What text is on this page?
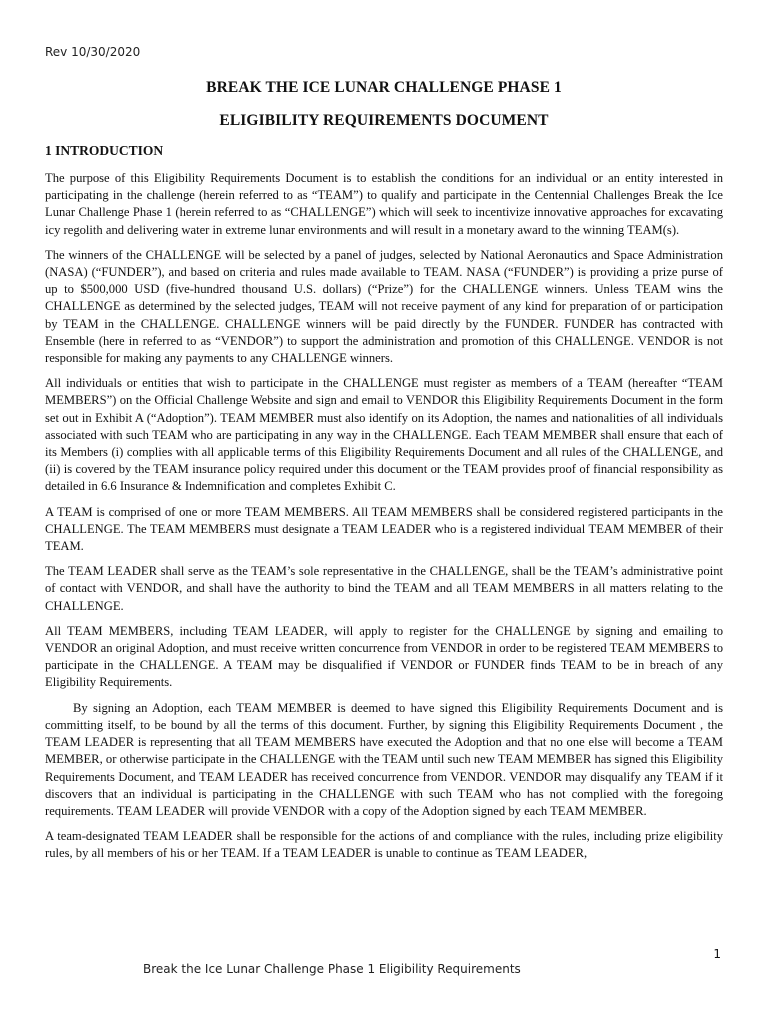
Rev 10/30/2020
BREAK THE ICE LUNAR CHALLENGE PHASE 1
ELIGIBILITY REQUIREMENTS DOCUMENT
1 INTRODUCTION

The purpose of this Eligibility Requirements Document is to establish the conditions for an individual or an entity interested in participating in the challenge (herein referred to as “TEAM”) to qualify and participate in the Centennial Challenges Break the Ice Lunar Challenge Phase 1 (herein referred to as “CHALLENGE”) which will seek to incentivize innovative approaches for excavating icy regolith and delivering water in extreme lunar environments and will result in a monetary award to the winning TEAM(s).

The winners of the CHALLENGE will be selected by a panel of judges, selected by National Aeronautics and Space Administration (NASA) (“FUNDER”), and based on criteria and rules made available to TEAM. NASA (“FUNDER”) is providing a prize purse of up to $500,000 USD (five-hundred thousand U.S. dollars) (“Prize”) for the CHALLENGE winners. Unless TEAM wins the CHALLENGE as determined by the selected judges, TEAM will not receive payment of any kind for preparation of or participation by TEAM in the CHALLENGE. CHALLENGE winners will be paid directly by the FUNDER. FUNDER has contracted with Ensemble (here in referred to as “VENDOR”) to support the administration and promotion of this CHALLENGE. VENDOR is not responsible for making any payments to any CHALLENGE winners.

All individuals or entities that wish to participate in the CHALLENGE must register as members of a TEAM (hereafter “TEAM MEMBERS”) on the Official Challenge Website and sign and email to VENDOR this Eligibility Requirements Document in the form set out in Exhibit A (“Adoption”). TEAM MEMBER must also identify on its Adoption, the names and nationalities of all individuals associated with such TEAM who are participating in any way in the CHALLENGE. Each TEAM MEMBER shall ensure that each of its Members (i) complies with all applicable terms of this Eligibility Requirements Document and all rules of the CHALLENGE, and (ii) is covered by the TEAM insurance policy required under this document or the TEAM provides proof of financial responsibility as detailed in 6.6 Insurance & Indemnification and completes Exhibit C.

A TEAM is comprised of one or more TEAM MEMBERS. All TEAM MEMBERS shall be considered registered participants in the CHALLENGE. The TEAM MEMBERS must designate a TEAM LEADER who is a registered individual TEAM MEMBER of their TEAM.

The TEAM LEADER shall serve as the TEAM’s sole representative in the CHALLENGE, shall be the TEAM’s administrative point of contact with VENDOR, and shall have the authority to bind the TEAM and all TEAM MEMBERS in all matters relating to the CHALLENGE.

All TEAM MEMBERS, including TEAM LEADER, will apply to register for the CHALLENGE by signing and emailing to VENDOR an original Adoption, and must receive written concurrence from VENDOR in order to be registered TEAM MEMBERS to participate in the CHALLENGE. A TEAM may be disqualified if VENDOR or FUNDER finds TEAM to be in breach of any Eligibility Requirements.

By signing an Adoption, each TEAM MEMBER is deemed to have signed this Eligibility Requirements Document and is committing itself, to be bound by all the terms of this document. Further, by signing this Eligibility Requirements Document , the TEAM LEADER is representing that all TEAM MEMBERS have executed the Adoption and that no one else will become a TEAM MEMBER, or otherwise participate in the CHALLENGE with the TEAM until such new TEAM MEMBER has signed this Eligibility Requirements Document, and TEAM LEADER has received concurrence from VENDOR. VENDOR may disqualify any TEAM if it discovers that an individual is participating in the CHALLENGE with such TEAM who has not complied with the foregoing requirements. TEAM LEADER will provide VENDOR with a copy of the Adoption signed by each TEAM MEMBER.

A team-designated TEAM LEADER shall be responsible for the actions of and compliance with the rules, including prize eligibility rules, by all members of his or her TEAM. If a TEAM LEADER is unable to continue as TEAM LEADER,

1
Break the Ice Lunar Challenge Phase 1 Eligibility Requirements
